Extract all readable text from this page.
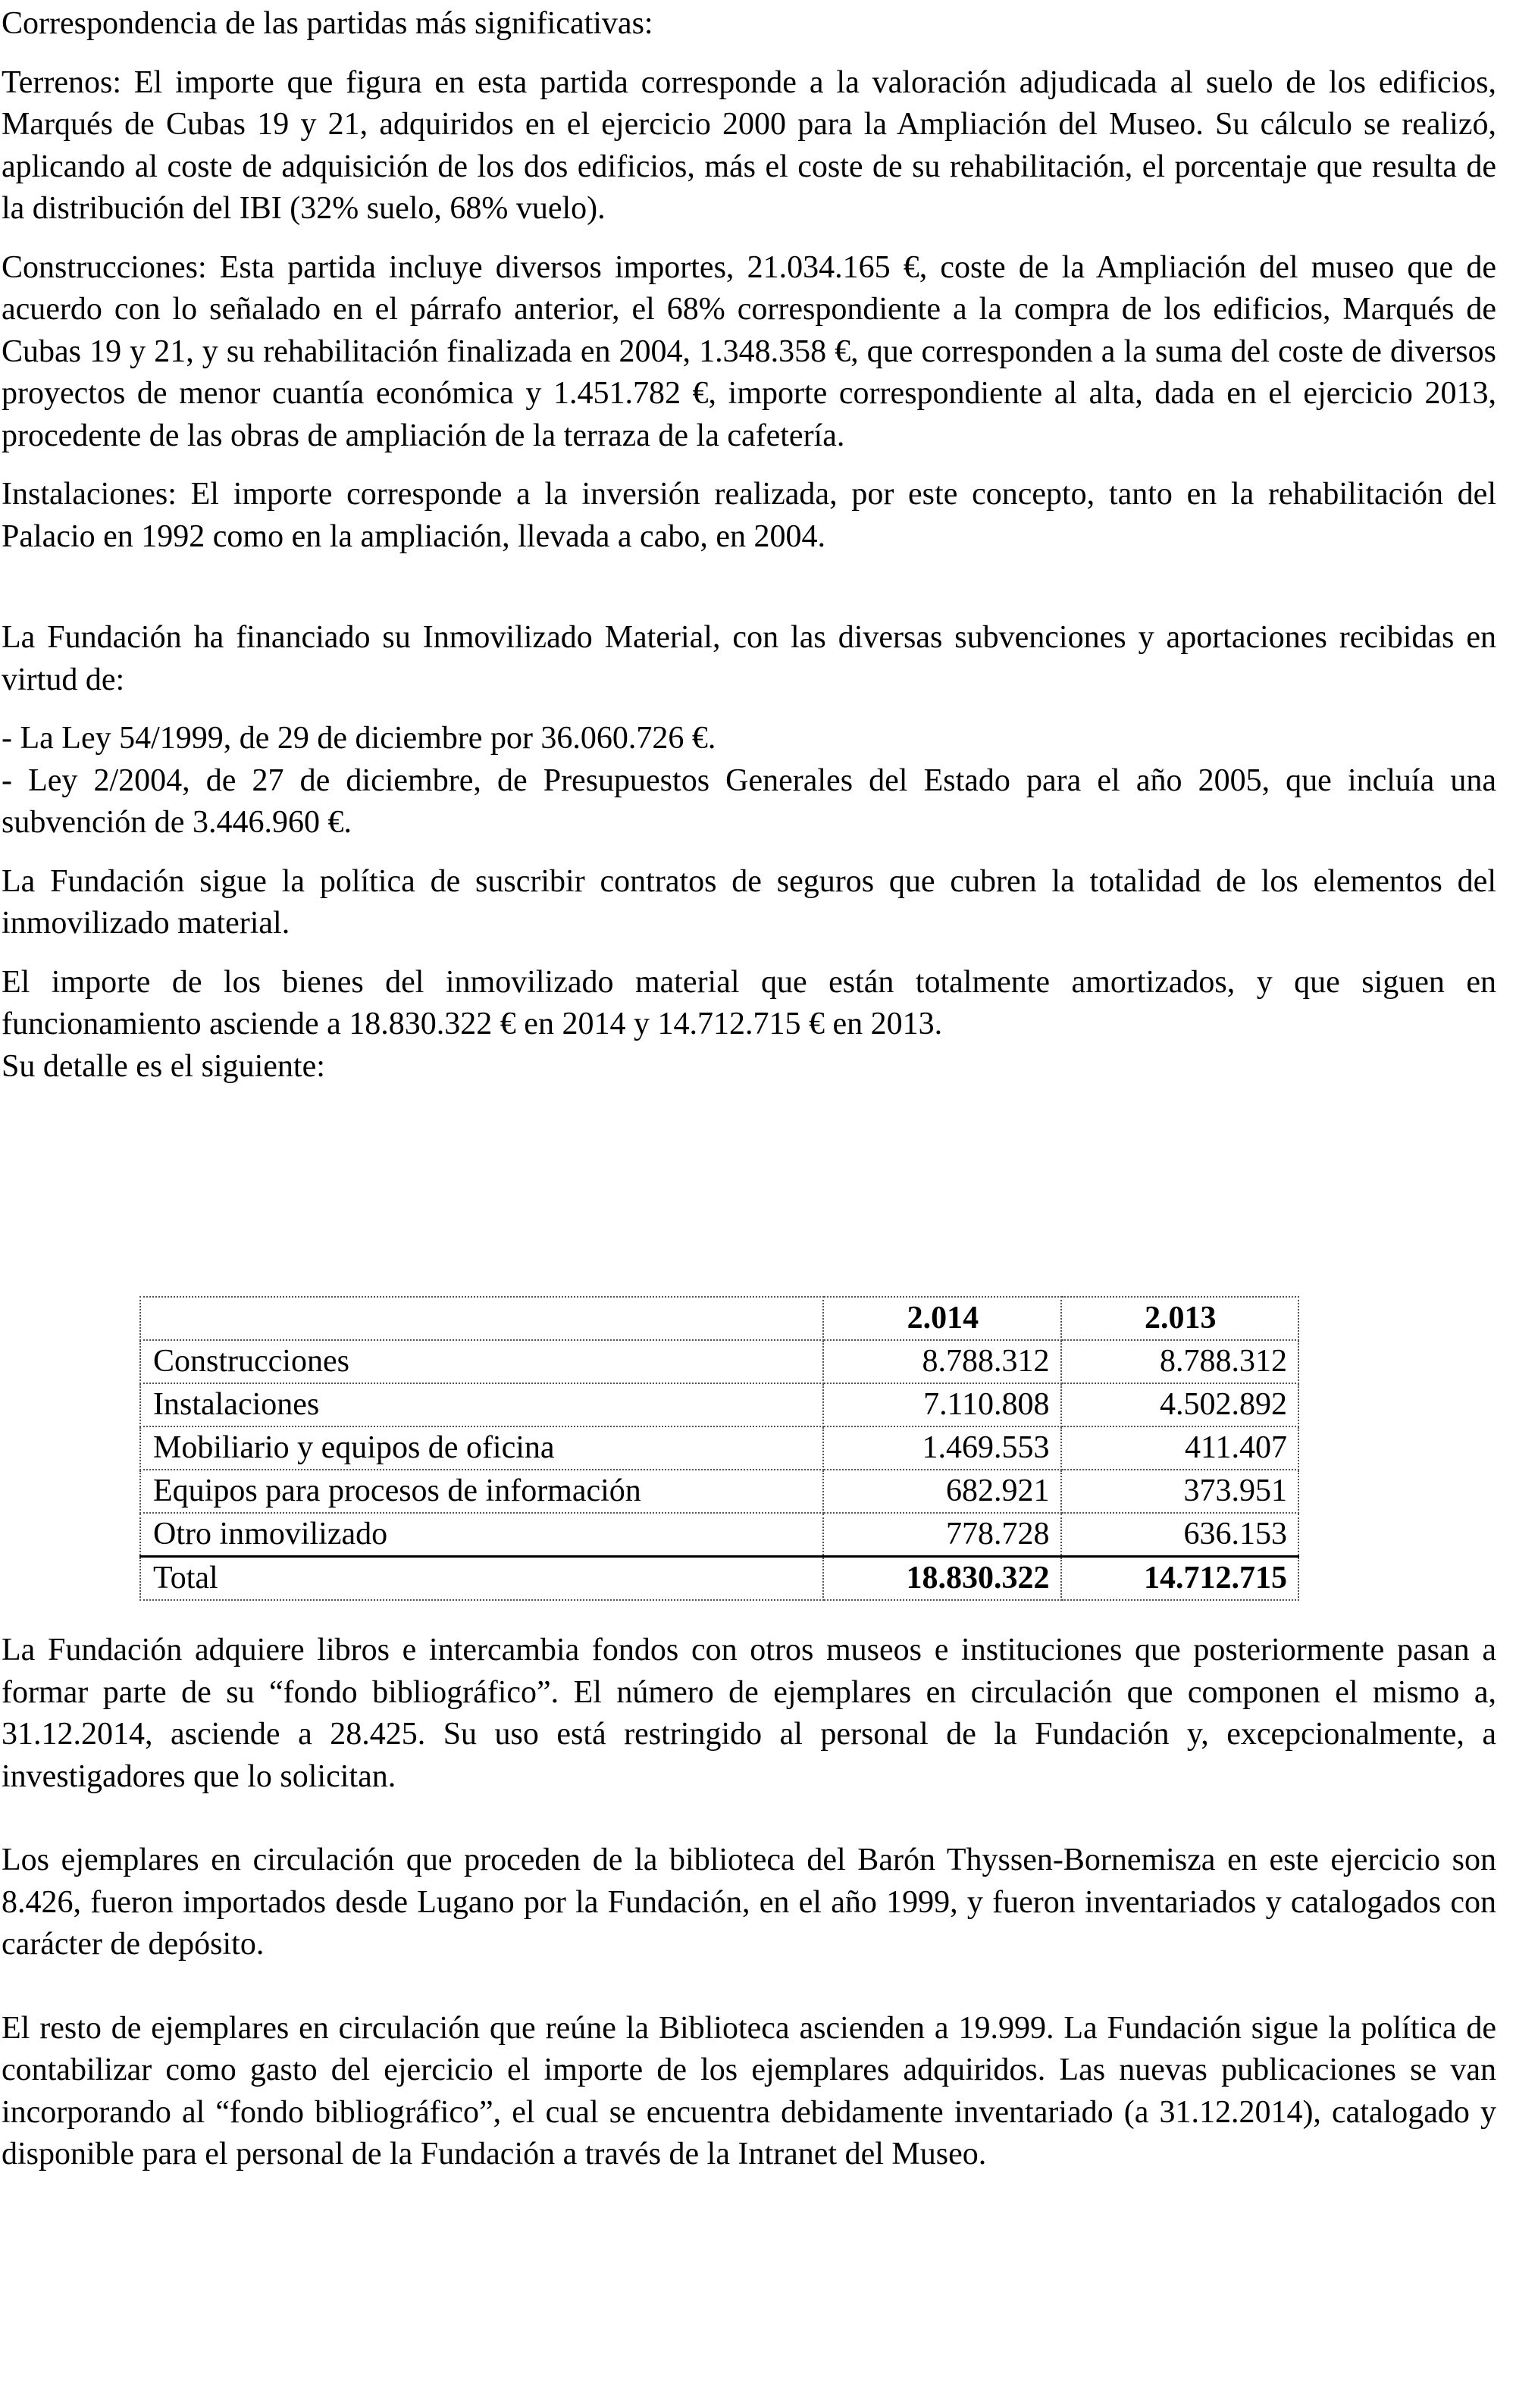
Correspondencia de las partidas más significativas:

Terrenos: El importe que figura en esta partida corresponde a la valoración adjudicada al suelo de los edificios, Marqués de Cubas 19 y 21, adquiridos en el ejercicio 2000 para la Ampliación del Museo. Su cálculo se realizó, aplicando al coste de adquisición de los dos edificios, más el coste de su rehabilitación, el porcentaje que resulta de la distribución del IBI (32% suelo, 68% vuelo).

Construcciones: Esta partida incluye diversos importes, 21.034.165 €, coste de la Ampliación del museo que de acuerdo con lo señalado en el párrafo anterior, el 68% correspondiente a la compra de los edificios, Marqués de Cubas 19 y 21, y su rehabilitación finalizada en 2004, 1.348.358 €, que corresponden a la suma del coste de diversos proyectos de menor cuantía económica y 1.451.782 €, importe correspondiente al alta, dada en el ejercicio 2013, procedente de las obras de ampliación de la terraza de la cafetería.

Instalaciones: El importe corresponde a la inversión realizada, por este concepto, tanto en la rehabilitación del Palacio en 1992 como en la ampliación, llevada a cabo, en 2004.

La Fundación ha financiado su Inmovilizado Material, con las diversas subvenciones y aportaciones recibidas en virtud de:

- La Ley 54/1999, de 29 de diciembre por 36.060.726 €.

- Ley 2/2004, de 27 de diciembre, de Presupuestos Generales del Estado para el año 2005, que incluía una subvención de 3.446.960 €.

La Fundación sigue la política de suscribir contratos de seguros que cubren la totalidad de los elementos del inmovilizado material.

El importe de los bienes del inmovilizado material que están totalmente amortizados, y que siguen en funcionamiento asciende a 18.830.322 € en 2014 y 14.712.715 € en 2013.

Su detalle es el siguiente:

	2.014	2.013
Construcciones	8.788.312	8.788.312
Instalaciones	7.110.808	4.502.892
Mobiliario y equipos de oficina	1.469.553	411.407
Equipos para procesos de información	682.921	373.951
Otro inmovilizado	778.728	636.153
Total	18.830.322	14.712.715

La Fundación adquiere libros e intercambia fondos con otros museos e instituciones que posteriormente pasan a formar parte de su “fondo bibliográfico”. El número de ejemplares en circulación que componen el mismo a, 31.12.2014, asciende a 28.425. Su uso está restringido al personal de la Fundación y, excepcionalmente, a investigadores que lo solicitan.

Los ejemplares en circulación que proceden de la biblioteca del Barón Thyssen-Bornemisza en este ejercicio son 8.426, fueron importados desde Lugano por la Fundación, en el año 1999, y fueron inventariados y catalogados con carácter de depósito.

El resto de ejemplares en circulación que reúne la Biblioteca ascienden a 19.999. La Fundación sigue la política de contabilizar como gasto del ejercicio el importe de los ejemplares adquiridos. Las nuevas publicaciones se van incorporando al “fondo bibliográfico”, el cual se encuentra debidamente inventariado (a 31.12.2014), catalogado y disponible para el personal de la Fundación a través de la Intranet del Museo.
